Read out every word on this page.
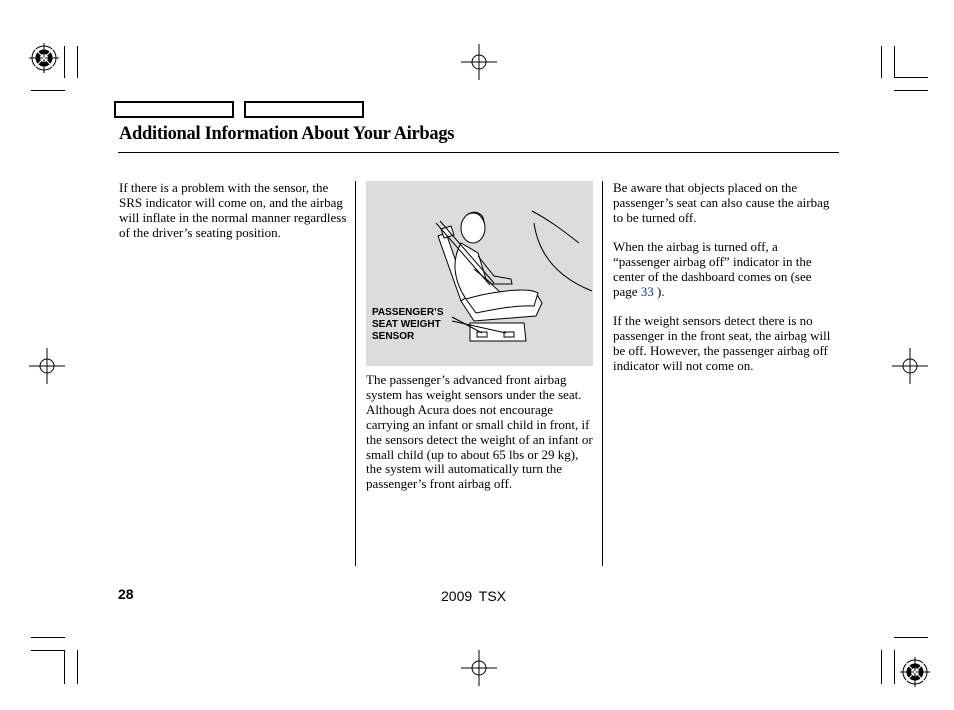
Additional Information About Your Airbags

If there is a problem with the sensor, the SRS indicator will come on, and the airbag will inflate in the normal manner regardless of the driver’s seating position.

PASSENGER’S
SEAT WEIGHT
SENSOR

The passenger’s advanced front airbag system has weight sensors under the seat. Although Acura does not encourage carrying an infant or small child in front, if the sensors detect the weight of an infant or small child (up to about 65 lbs or 29 kg), the system will automatically turn the passenger’s front airbag off.

Be aware that objects placed on the passenger’s seat can also cause the airbag to be turned off.

When the airbag is turned off, a “passenger airbag off” indicator in the center of the dashboard comes on (see page 33 ).

If the weight sensors detect there is no passenger in the front seat, the airbag will be off. However, the passenger airbag off indicator will not come on.

28	2009 TSX
